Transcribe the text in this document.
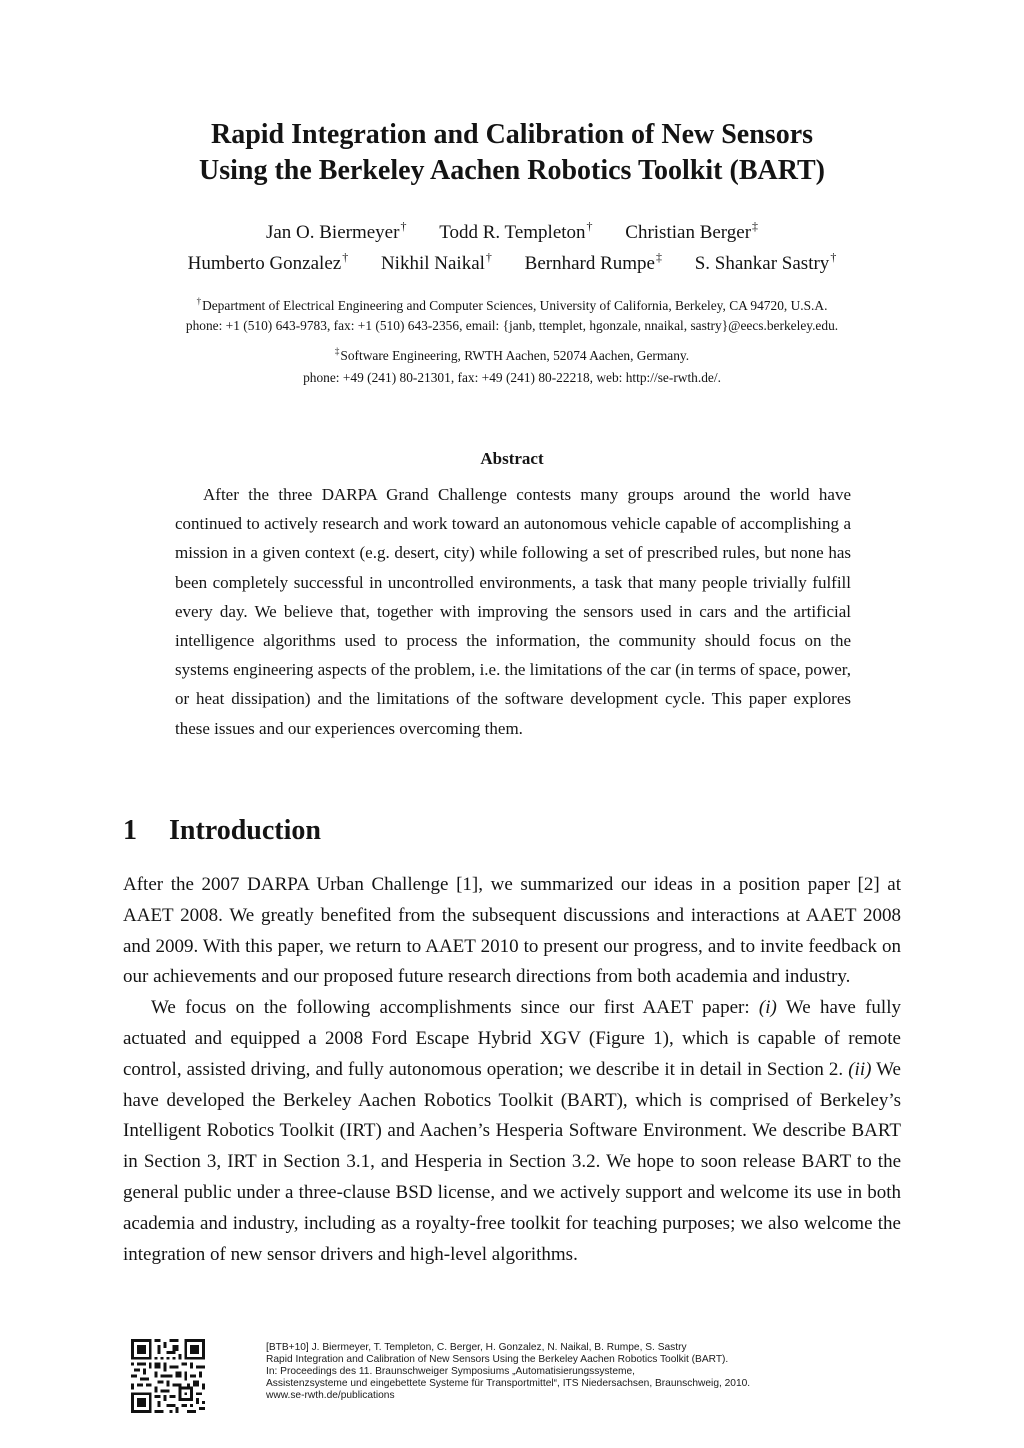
Rapid Integration and Calibration of New Sensors
Using the Berkeley Aachen Robotics Toolkit (BART)
Jan O. Biermeyer† Todd R. Templeton† Christian Berger‡
Humberto Gonzalez† Nikhil Naikal† Bernhard Rumpe‡ S. Shankar Sastry†
†Department of Electrical Engineering and Computer Sciences, University of California, Berkeley, CA 94720, U.S.A.
phone: +1 (510) 643-9783, fax: +1 (510) 643-2356, email: {janb, ttemplet, hgonzale, nnaikal, sastry}@eecs.berkeley.edu.
‡Software Engineering, RWTH Aachen, 52074 Aachen, Germany.
phone: +49 (241) 80-21301, fax: +49 (241) 80-22218, web: http://se-rwth.de/.
Abstract

After the three DARPA Grand Challenge contests many groups around the world have continued to actively research and work toward an autonomous vehicle capable of accomplishing a mission in a given context (e.g. desert, city) while following a set of prescribed rules, but none has been completely successful in uncontrolled environments, a task that many people trivially fulfill every day. We believe that, together with improving the sensors used in cars and the artificial intelligence algorithms used to process the information, the community should focus on the systems engineering aspects of the problem, i.e. the limitations of the car (in terms of space, power, or heat dissipation) and the limitations of the software development cycle. This paper explores these issues and our experiences overcoming them.

1 Introduction

After the 2007 DARPA Urban Challenge [1], we summarized our ideas in a position paper [2] at AAET 2008. We greatly benefited from the subsequent discussions and interactions at AAET 2008 and 2009. With this paper, we return to AAET 2010 to present our progress, and to invite feedback on our achievements and our proposed future research directions from both academia and industry.

We focus on the following accomplishments since our first AAET paper: (i) We have fully actuated and equipped a 2008 Ford Escape Hybrid XGV (Figure 1), which is capable of remote control, assisted driving, and fully autonomous operation; we describe it in detail in Section 2. (ii) We have developed the Berkeley Aachen Robotics Toolkit (BART), which is comprised of Berkeley’s Intelligent Robotics Toolkit (IRT) and Aachen’s Hesperia Software Environment. We describe BART in Section 3, IRT in Section 3.1, and Hesperia in Section 3.2. We hope to soon release BART to the general public under a three-clause BSD license, and we actively support and welcome its use in both academia and industry, including as a royalty-free toolkit for teaching purposes; we also welcome the integration of new sensor drivers and high-level algorithms.

[BTB+10] J. Biermeyer, T. Templeton, C. Berger, H. Gonzalez, N. Naikal, B. Rumpe, S. Sastry
Rapid Integration and Calibration of New Sensors Using the Berkeley Aachen Robotics Toolkit (BART).
In: Proceedings des 11. Braunschweiger Symposiums „Automatisierungssysteme,
Assistenzsysteme und eingebettete Systeme für Transportmittel“, ITS Niedersachsen, Braunschweig, 2010.
www.se-rwth.de/publications
